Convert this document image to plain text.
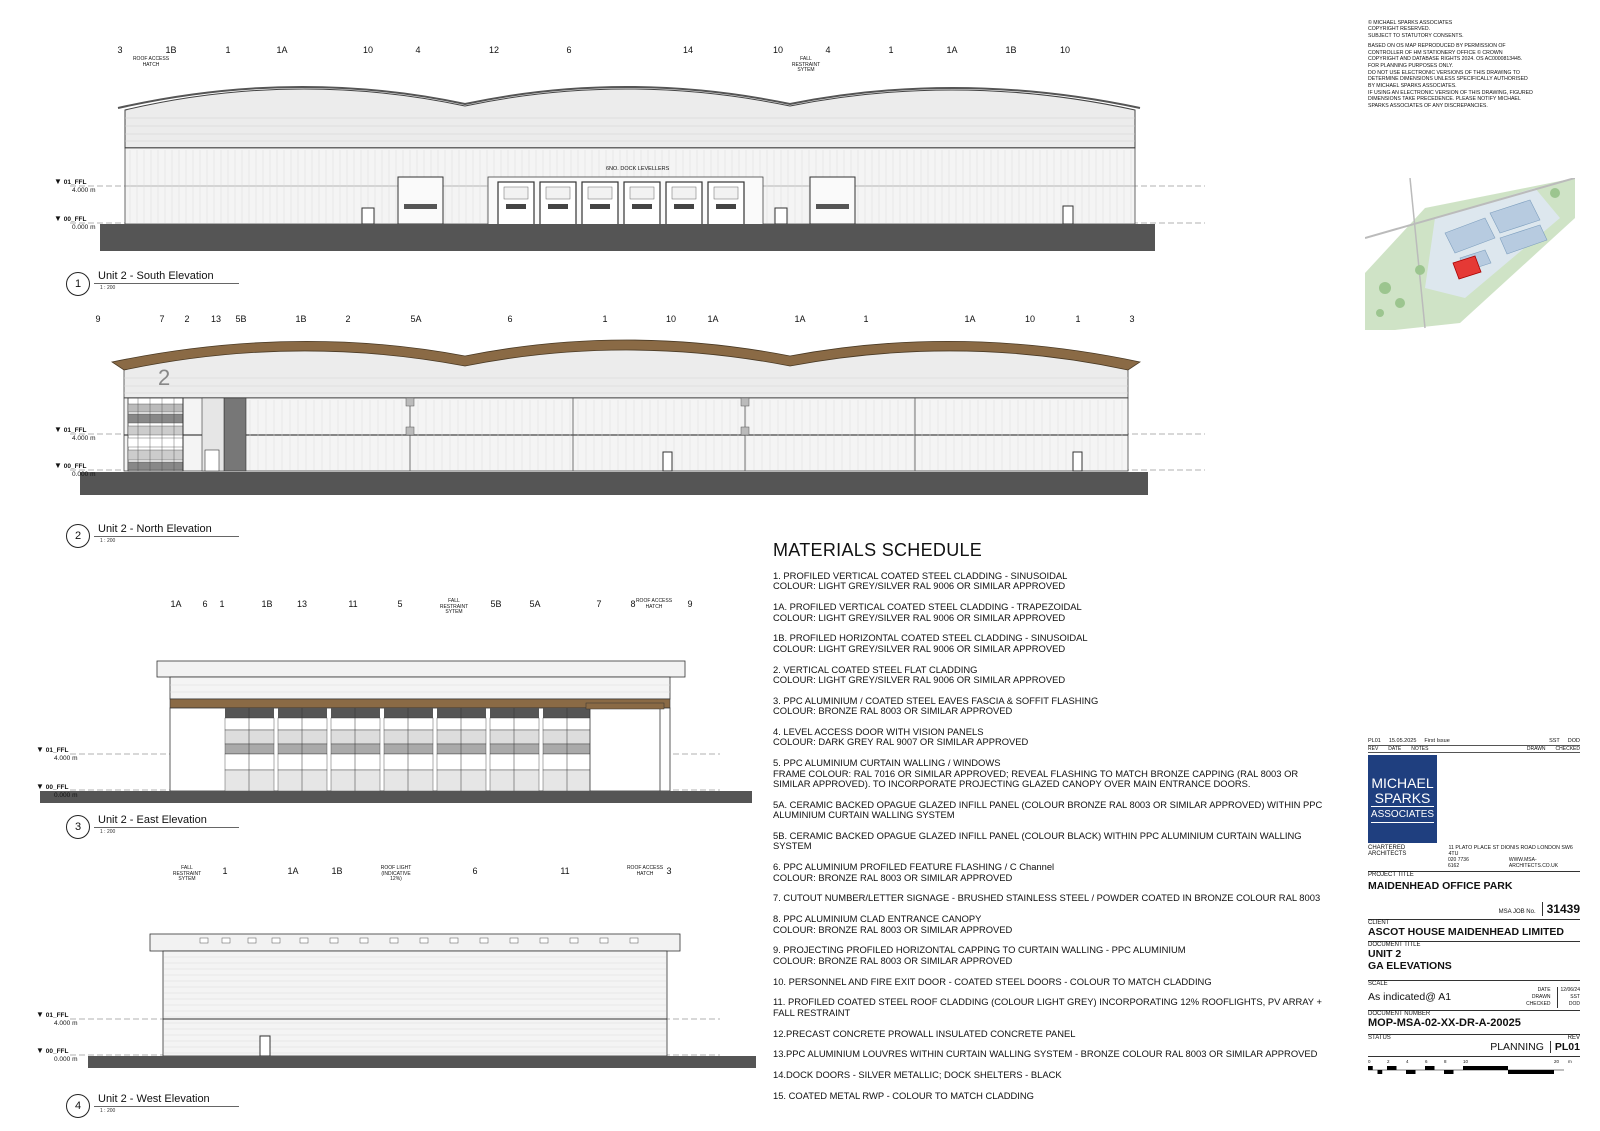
© MICHAEL SPARKS ASSOCIATES
COPYRIGHT RESERVED.
SUBJECT TO STATUTORY CONSENTS.
BASED ON OS MAP REPRODUCED BY PERMISSION OF CONTROLLER OF HM STATIONERY OFFICE © CROWN COPYRIGHT AND DATABASE RIGHTS 2024. OS AC0000813445.
FOR PLANNING PURPOSES ONLY.
DO NOT USE ELECTRONIC VERSIONS OF THIS DRAWING TO DETERMINE DIMENSIONS UNLESS SPECIFICALLY AUTHORISED BY MICHAEL SPARKS ASSOCIATES.
IF USING AN ELECTRONIC VERSION OF THIS DRAWING, FIGURED DIMENSIONS TAKE PRECEDENCE. PLEASE NOTIFY MICHAEL SPARKS ASSOCIATES OF ANY DISCREPANCIES.
ROOF ACCESS HATCH
FALL RESTRAINT SYTEM
6NO. DOCK LEVELLERS
3	1B	1	1A	10	4	12	6	14	10	4	1	1A	1B	10
▼ 01_FFL
4.000 m
▼ 00_FFL
0.000 m
1
Unit 2 - South Elevation
1 : 200
2
9	7	2	13	5B	1B	2	5A	6	1	10	1A	1A	1	1A	10	1	3
▼ 01_FFL
4.000 m
▼ 00_FFL
0.000 m
2
Unit 2 - North Elevation
1 : 200
1A	6	1	1B	13	11	5	5B	5A	7	8	9
FALL RESTRAINT SYTEM
ROOF ACCESS HATCH
▼ 01_FFL
4.000 m
▼ 00_FFL
0.000 m
3
Unit 2 - East Elevation
1 : 200
1	1A	1B	6	11	3
FALL RESTRAINT SYTEM
ROOF LIGHT (INDICATIVE 12%)
ROOF ACCESS HATCH
▼ 01_FFL
4.000 m
▼ 00_FFL
0.000 m
4
Unit 2 - West Elevation
1 : 200
MATERIALS SCHEDULE
1. PROFILED VERTICAL COATED STEEL CLADDING - SINUSOIDAL
COLOUR: LIGHT GREY/SILVER RAL 9006 OR SIMILAR APPROVED
1A. PROFILED VERTICAL COATED STEEL CLADDING - TRAPEZOIDAL
COLOUR: LIGHT GREY/SILVER RAL 9006 OR SIMILAR APPROVED
1B. PROFILED HORIZONTAL COATED STEEL CLADDING - SINUSOIDAL
COLOUR: LIGHT GREY/SILVER RAL 9006 OR SIMILAR APPROVED
2. VERTICAL COATED STEEL FLAT CLADDING
COLOUR: LIGHT GREY/SILVER RAL 9006 OR SIMILAR APPROVED
3. PPC ALUMINIUM / COATED STEEL EAVES FASCIA & SOFFIT FLASHING
COLOUR: BRONZE RAL 8003 OR SIMILAR APPROVED
4. LEVEL ACCESS DOOR WITH VISION PANELS
COLOUR: DARK GREY RAL 9007 OR SIMILAR APPROVED
5. PPC ALUMINIUM CURTAIN WALLING / WINDOWS
FRAME COLOUR: RAL 7016 OR SIMILAR APPROVED; REVEAL FLASHING TO MATCH BRONZE CAPPING (RAL 8003 OR SIMILAR APPROVED). TO INCORPORATE PROJECTING GLAZED CANOPY OVER MAIN ENTRANCE DOORS.
5A. CERAMIC BACKED OPAGUE GLAZED INFILL PANEL (COLOUR BRONZE RAL 8003 OR SIMILAR APPROVED) WITHIN PPC ALUMINIUM CURTAIN WALLING SYSTEM
5B. CERAMIC BACKED OPAGUE GLAZED INFILL PANEL (COLOUR BLACK) WITHIN PPC ALUMINIUM CURTAIN WALLING SYSTEM
6. PPC ALUMINIUM PROFILED FEATURE FLASHING / C Channel
COLOUR: BRONZE RAL 8003 OR SIMILAR APPROVED
7. CUTOUT NUMBER/LETTER SIGNAGE - BRUSHED STAINLESS STEEL / POWDER COATED IN BRONZE COLOUR RAL 8003
8. PPC ALUMINIUM CLAD ENTRANCE CANOPY
COLOUR: BRONZE RAL 8003 OR SIMILAR APPROVED
9. PROJECTING PROFILED HORIZONTAL CAPPING TO CURTAIN WALLING - PPC ALUMINIUM
COLOUR: BRONZE RAL 8003 OR SIMILAR APPROVED
10. PERSONNEL AND FIRE EXIT DOOR - COATED STEEL DOORS - COLOUR TO MATCH CLADDING
11. PROFILED COATED STEEL ROOF CLADDING (COLOUR LIGHT GREY) INCORPORATING 12% ROOFLIGHTS, PV ARRAY + FALL RESTRAINT
12.PRECAST CONCRETE PROWALL INSULATED CONCRETE PANEL
13.PPC ALUMINIUM LOUVRES WITHIN CURTAIN WALLING SYSTEM - BRONZE COLOUR RAL 8003 OR SIMILAR APPROVED
14.DOCK DOORS - SILVER METALLIC; DOCK SHELTERS - BLACK
15. COATED METAL RWP - COLOUR TO MATCH CLADDING
PL01 15.05.2025 First Issue	SST DOD
REV DATE NOTES	DRAWN CHECKED
MICHAEL
SPARKS
ASSOCIATES
CHARTERED ARCHITECTS
11 PLATO PLACE ST DIONIS ROAD LONDON SW6 4TU
020 7736 6162
WWW.MSA-ARCHITECTS.CO.UK
PROJECT TITLE
MAIDENHEAD OFFICE PARK
MSA JOB No. 31439
CLIENT
ASCOT HOUSE MAIDENHEAD LIMITED
DOCUMENT TITLE
UNIT 2
GA ELEVATIONS
SCALE
As indicated@ A1
DATE
DRAWN
CHECKED
12/06/24
SST
DOD
DOCUMENT NUMBER
MOP-MSA-02-XX-DR-A-20025
STATUS	REV
PLANNING	PL01
0	2	4	6	8	10	20 m
